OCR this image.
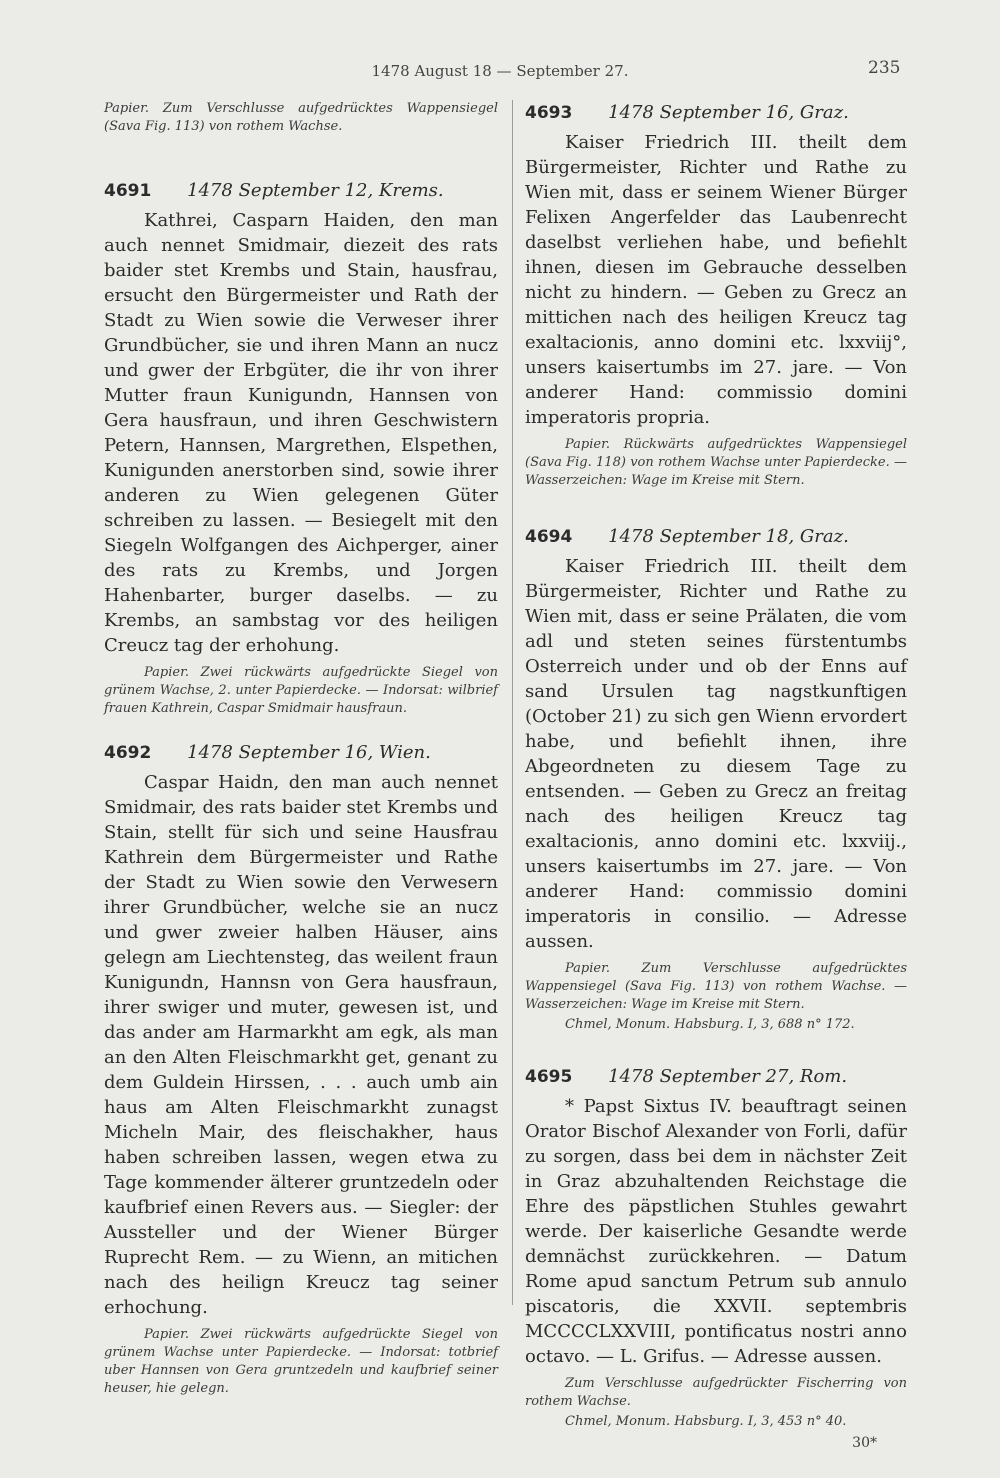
1478 August 18 — September 27.	235

Papier. Zum Verschlusse aufgedrücktes Wappensiegel (Sava Fig. 113) von rothem Wachse.

4691 1478 September 12, Krems.

Kathrei, Casparn Haiden, den man auch nennet Smidmair, diezeit des rats baider stet Krembs und Stain, hausfrau, ersucht den Bürgermeister und Rath der Stadt zu Wien sowie die Verweser ihrer Grundbücher, sie und ihren Mann an nucz und gwer der Erbgüter, die ihr von ihrer Mutter fraun Kunigundn, Hannsen von Gera hausfraun, und ihren Geschwistern Petern, Hannsen, Margrethen, Elspethen, Kunigunden anerstorben sind, sowie ihrer anderen zu Wien gelegenen Güter schreiben zu lassen. — Besiegelt mit den Siegeln Wolfgangen des Aichperger, ainer des rats zu Krembs, und Jorgen Hahenbarter, burger daselbs. — zu Krembs, an sambstag vor des heiligen Creucz tag der erhohung.

Papier. Zwei rückwärts aufgedrückte Siegel von grünem Wachse, 2. unter Papierdecke. — Indorsat: wilbrief frauen Kathrein, Caspar Smidmair hausfraun.

4692 1478 September 16, Wien.

Caspar Haidn, den man auch nennet Smidmair, des rats baider stet Krembs und Stain, stellt für sich und seine Hausfrau Kathrein dem Bürgermeister und Rathe der Stadt zu Wien sowie den Verwesern ihrer Grundbücher, welche sie an nucz und gwer zweier halben Häuser, ains gelegn am Liechtensteg, das weilent fraun Kunigundn, Hannsn von Gera hausfraun, ihrer swiger und muter, gewesen ist, und das ander am Harmarkht am egk, als man an den Alten Fleischmarkht get, genant zu dem Guldein Hirssen, . . . auch umb ain haus am Alten Fleischmarkht zunagst Micheln Mair, des fleischakher, haus haben schreiben lassen, wegen etwa zu Tage kommender älterer gruntzedeln oder kaufbrief einen Revers aus. — Siegler: der Aussteller und der Wiener Bürger Ruprecht Rem. — zu Wienn, an mitichen nach des heilign Kreucz tag seiner erhochung.

Papier. Zwei rückwärts aufgedrückte Siegel von grünem Wachse unter Papierdecke. — Indorsat: totbrief uber Hannsen von Gera gruntzedeln und kaufbrief seiner heuser, hie gelegn.

4693 1478 September 16, Graz.

Kaiser Friedrich III. theilt dem Bürgermeister, Richter und Rathe zu Wien mit, dass er seinem Wiener Bürger Felixen Angerfelder das Laubenrecht daselbst verliehen habe, und befiehlt ihnen, diesen im Gebrauche desselben nicht zu hindern. — Geben zu Grecz an mittichen nach des heiligen Kreucz tag exaltacionis, anno domini etc. lxxviij°, unsers kaisertumbs im 27. jare. — Von anderer Hand: commissio domini imperatoris propria.

Papier. Rückwärts aufgedrücktes Wappensiegel (Sava Fig. 118) von rothem Wachse unter Papierdecke. — Wasserzeichen: Wage im Kreise mit Stern.

4694 1478 September 18, Graz.

Kaiser Friedrich III. theilt dem Bürgermeister, Richter und Rathe zu Wien mit, dass er seine Prälaten, die vom adl und steten seines fürstentumbs Osterreich under und ob der Enns auf sand Ursulen tag nagstkunftigen (October 21) zu sich gen Wienn ervordert habe, und befiehlt ihnen, ihre Abgeordneten zu diesem Tage zu entsenden. — Geben zu Grecz an freitag nach des heiligen Kreucz tag exaltacionis, anno domini etc. lxxviij., unsers kaisertumbs im 27. jare. — Von anderer Hand: commissio domini imperatoris in consilio. — Adresse aussen.

Papier. Zum Verschlusse aufgedrücktes Wappensiegel (Sava Fig. 113) von rothem Wachse. — Wasserzeichen: Wage im Kreise mit Stern.

Chmel, Monum. Habsburg. I, 3, 688 n° 172.

4695 1478 September 27, Rom.

* Papst Sixtus IV. beauftragt seinen Orator Bischof Alexander von Forli, dafür zu sorgen, dass bei dem in nächster Zeit in Graz abzuhaltenden Reichstage die Ehre des päpstlichen Stuhles gewahrt werde. Der kaiserliche Gesandte werde demnächst zurückkehren. — Datum Rome apud sanctum Petrum sub annulo piscatoris, die XXVII. septembris MCCCCLXXVIII, pontificatus nostri anno octavo. — L. Grifus. — Adresse aussen.

Zum Verschlusse aufgedrückter Fischerring von rothem Wachse.

Chmel, Monum. Habsburg. I, 3, 453 n° 40.

30*
